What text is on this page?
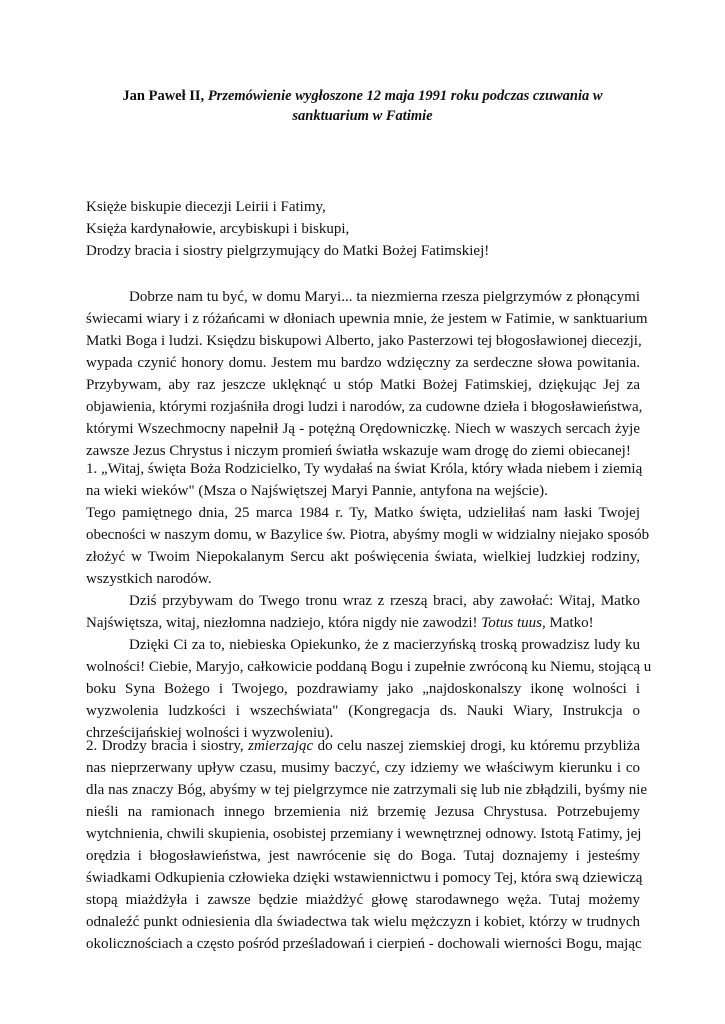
Jan Paweł II, Przemówienie wygłoszone 12 maja 1991 roku podczas czuwania w
sanktuarium w Fatimie
Księże biskupie diecezji Leirii i Fatimy,
Księża kardynałowie, arcybiskupi i biskupi,
Drodzy bracia i siostry pielgrzymujący do Matki Bożej Fatimskiej!
Dobrze nam tu być, w domu Maryi... ta niezmierna rzesza pielgrzymów z płonącymi
świecami wiary i z różańcami w dłoniach upewnia mnie, że jestem w Fatimie, w sanktuarium
Matki Boga i ludzi. Księdzu biskupowi Alberto, jako Pasterzowi tej błogosławionej diecezji,
wypada czynić honory domu. Jestem mu bardzo wdzięczny za serdeczne słowa powitania.
Przybywam, aby raz jeszcze uklęknąć u stóp Matki Bożej Fatimskiej, dziękując Jej za
objawienia, którymi rozjaśniła drogi ludzi i narodów, za cudowne dzieła i błogosławieństwa,
którymi Wszechmocny napełnił Ją - potężną Orędowniczkę. Niech w waszych sercach żyje
zawsze Jezus Chrystus i niczym promień światła wskazuje wam drogę do ziemi obiecanej!
1. „Witaj, święta Boża Rodzicielko, Ty wydałaś na świat Króla, który włada niebem i ziemią
na wieki wieków" (Msza o Najświętszej Maryi Pannie, antyfona na wejście).
Tego pamiętnego dnia, 25 marca 1984 r. Ty, Matko święta, udzieliłaś nam łaski Twojej
obecności w naszym domu, w Bazylice św. Piotra, abyśmy mogli w widzialny niejako sposób
złożyć w Twoim Niepokalanym Sercu akt poświęcenia świata, wielkiej ludzkiej rodziny,
wszystkich narodów.
Dziś przybywam do Twego tronu wraz z rzeszą braci, aby zawołać: Witaj, Matko
Najświętsza, witaj, niezłomna nadziejo, która nigdy nie zawodzi! Totus tuus, Matko!
Dzięki Ci za to, niebieska Opiekunko, że z macierzyńską troską prowadzisz ludy ku
wolności! Ciebie, Maryjo, całkowicie poddaną Bogu i zupełnie zwróconą ku Niemu, stojącą u
boku Syna Bożego i Twojego, pozdrawiamy jako „najdoskonalszy ikonę wolności i
wyzwolenia ludzkości i wszechświata" (Kongregacja ds. Nauki Wiary, Instrukcja o
chrześcijańskiej wolności i wyzwoleniu).
2. Drodzy bracia i siostry, zmierzając do celu naszej ziemskiej drogi, ku któremu przybliża
nas nieprzerwany upływ czasu, musimy baczyć, czy idziemy we właściwym kierunku i co
dla nas znaczy Bóg, abyśmy w tej pielgrzymce nie zatrzymali się lub nie zbłądzili, byśmy nie
nieśli na ramionach innego brzemienia niż brzemię Jezusa Chrystusa. Potrzebujemy
wytchnienia, chwili skupienia, osobistej przemiany i wewnętrznej odnowy. Istotą Fatimy, jej
orędzia i błogosławieństwa, jest nawrócenie się do Boga. Tutaj doznajemy i jesteśmy
świadkami Odkupienia człowieka dzięki wstawiennictwu i pomocy Tej, która swą dziewiczą
stopą miażdżyła i zawsze będzie miażdżyć głowę starodawnego węża. Tutaj możemy
odnaleźć punkt odniesienia dla świadectwa tak wielu mężczyzn i kobiet, którzy w trudnych
okolicznościach a często pośród prześladowań i cierpień - dochowali wierności Bogu, mając
